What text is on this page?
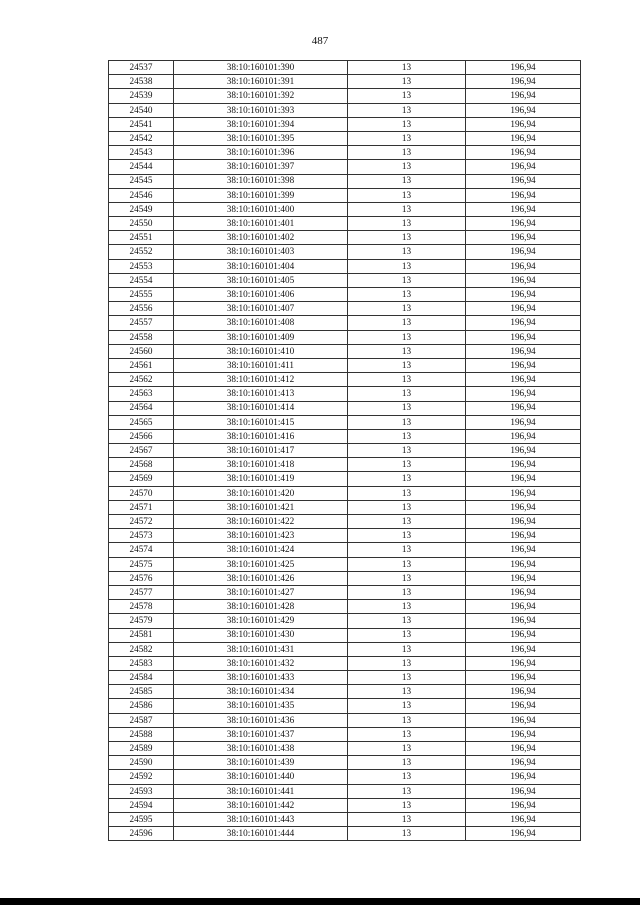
487
24537	38:10:160101:390	13	196,94
24538	38:10:160101:391	13	196,94
24539	38:10:160101:392	13	196,94
24540	38:10:160101:393	13	196,94
24541	38:10:160101:394	13	196,94
24542	38:10:160101:395	13	196,94
24543	38:10:160101:396	13	196,94
24544	38:10:160101:397	13	196,94
24545	38:10:160101:398	13	196,94
24546	38:10:160101:399	13	196,94
24549	38:10:160101:400	13	196,94
24550	38:10:160101:401	13	196,94
24551	38:10:160101:402	13	196,94
24552	38:10:160101:403	13	196,94
24553	38:10:160101:404	13	196,94
24554	38:10:160101:405	13	196,94
24555	38:10:160101:406	13	196,94
24556	38:10:160101:407	13	196,94
24557	38:10:160101:408	13	196,94
24558	38:10:160101:409	13	196,94
24560	38:10:160101:410	13	196,94
24561	38:10:160101:411	13	196,94
24562	38:10:160101:412	13	196,94
24563	38:10:160101:413	13	196,94
24564	38:10:160101:414	13	196,94
24565	38:10:160101:415	13	196,94
24566	38:10:160101:416	13	196,94
24567	38:10:160101:417	13	196,94
24568	38:10:160101:418	13	196,94
24569	38:10:160101:419	13	196,94
24570	38:10:160101:420	13	196,94
24571	38:10:160101:421	13	196,94
24572	38:10:160101:422	13	196,94
24573	38:10:160101:423	13	196,94
24574	38:10:160101:424	13	196,94
24575	38:10:160101:425	13	196,94
24576	38:10:160101:426	13	196,94
24577	38:10:160101:427	13	196,94
24578	38:10:160101:428	13	196,94
24579	38:10:160101:429	13	196,94
24581	38:10:160101:430	13	196,94
24582	38:10:160101:431	13	196,94
24583	38:10:160101:432	13	196,94
24584	38:10:160101:433	13	196,94
24585	38:10:160101:434	13	196,94
24586	38:10:160101:435	13	196,94
24587	38:10:160101:436	13	196,94
24588	38:10:160101:437	13	196,94
24589	38:10:160101:438	13	196,94
24590	38:10:160101:439	13	196,94
24592	38:10:160101:440	13	196,94
24593	38:10:160101:441	13	196,94
24594	38:10:160101:442	13	196,94
24595	38:10:160101:443	13	196,94
24596	38:10:160101:444	13	196,94
